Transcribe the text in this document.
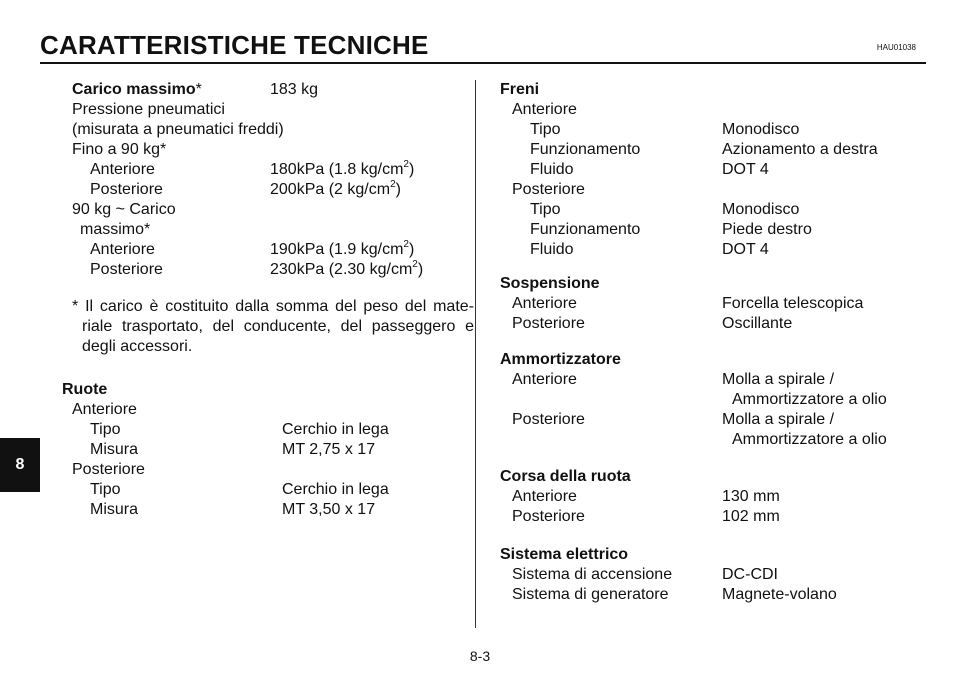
CARATTERISTICHE TECNICHE	HAU01038
8
Carico massimo*	183 kg
Pressione pneumatici
(misurata a pneumatici freddi)
Fino a 90 kg*
Anteriore	180kPa (1.8 $kg/cm^2$)
Posteriore	200kPa (2 $kg/cm^2$)
90 kg ~ Carico
massimo*
Anteriore	190kPa (1.9 $kg/cm^2$)
Posteriore	230kPa (2.30 $kg/cm^2$)

* Il carico è costituito dalla somma del peso del mate-riale trasportato, del conducente, del passeggero e degli accessori.

Ruote
Anteriore
Tipo	Cerchio in lega
Misura	MT 2,75 x 17
Posteriore
Tipo	Cerchio in lega
Misura	MT 3,50 x 17
Freni
Anteriore
Tipo	Monodisco
Funzionamento	Azionamento a destra
Fluido	DOT 4
Posteriore
Tipo	Monodisco
Funzionamento	Piede destro
Fluido	DOT 4
Sospensione
Anteriore	Forcella telescopica
Posteriore	Oscillante
Ammortizzatore
Anteriore	Molla a spirale /
Ammortizzatore a olio
Posteriore	Molla a spirale /
Ammortizzatore a olio
Corsa della ruota
Anteriore	130 mm
Posteriore	102 mm
Sistema elettrico
Sistema di accensione	DC-CDI
Sistema di generatore	Magnete-volano
8-3
